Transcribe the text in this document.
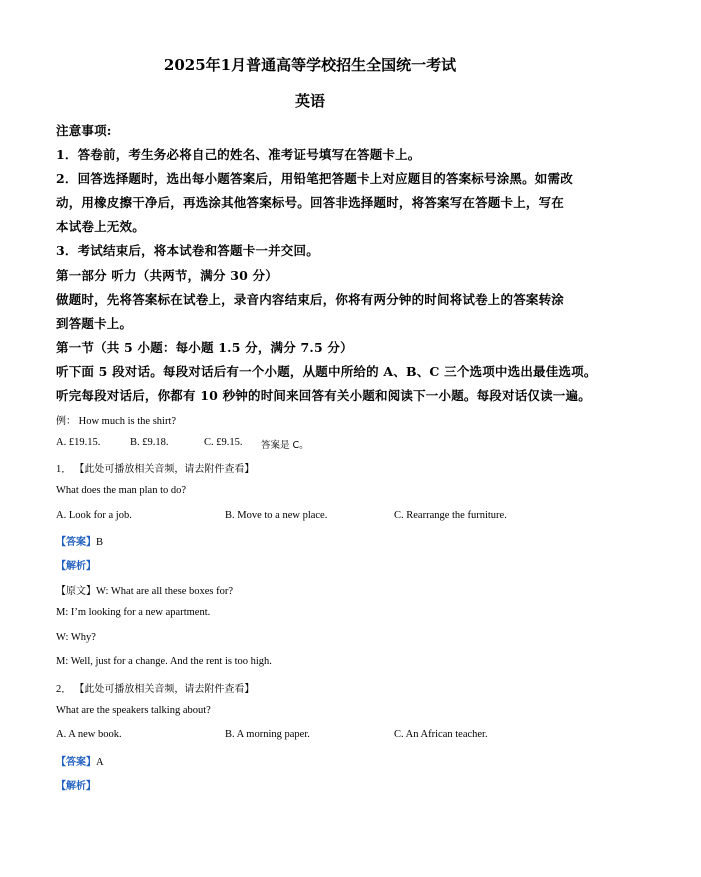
2025年1月普通高等学校招生全国统一考试
英语
注意事项:
1．答卷前，考生务必将自己的姓名、准考证号填写在答题卡上。
2．回答选择题时，选出每小题答案后，用铅笔把答题卡上对应题目的答案标号涂黑。如需改
动，用橡皮擦干净后，再选涂其他答案标号。回答非选择题时，将答案写在答题卡上，写在
本试卷上无效。
3．考试结束后，将本试卷和答题卡一并交回。
第一部分 听力（共两节，满分 30 分）
做题时，先将答案标在试卷上，录音内容结束后，你将有两分钟的时间将试卷上的答案转涂
到答题卡上。
第一节（共 5 小题：每小题 1.5 分，满分 7.5 分）
听下面 5 段对话。每段对话后有一个小题，从题中所给的 A、B、C 三个选项中选出最佳选项。
听完每段对话后，你都有 10 秒钟的时间来回答有关小题和阅读下一小题。每段对话仅读一遍。
例： How much is the shirt?
A. £19.15.	B. £9.18.	C. £9.15. 答案是 C。
1． 【此处可播放相关音频，请去附件查看】
What does the man plan to do?
A. Look for a job.	B. Move to a new place.	C. Rearrange the furniture.
【答案】B
【解析】
【原文】W: What are all these boxes for?
M: I’m looking for a new apartment.
W: Why?
M: Well, just for a change. And the rent is too high.
2． 【此处可播放相关音频，请去附件查看】
What are the speakers talking about?
A. A new book.	B. A morning paper.	C. An African teacher.
【答案】A
【解析】
